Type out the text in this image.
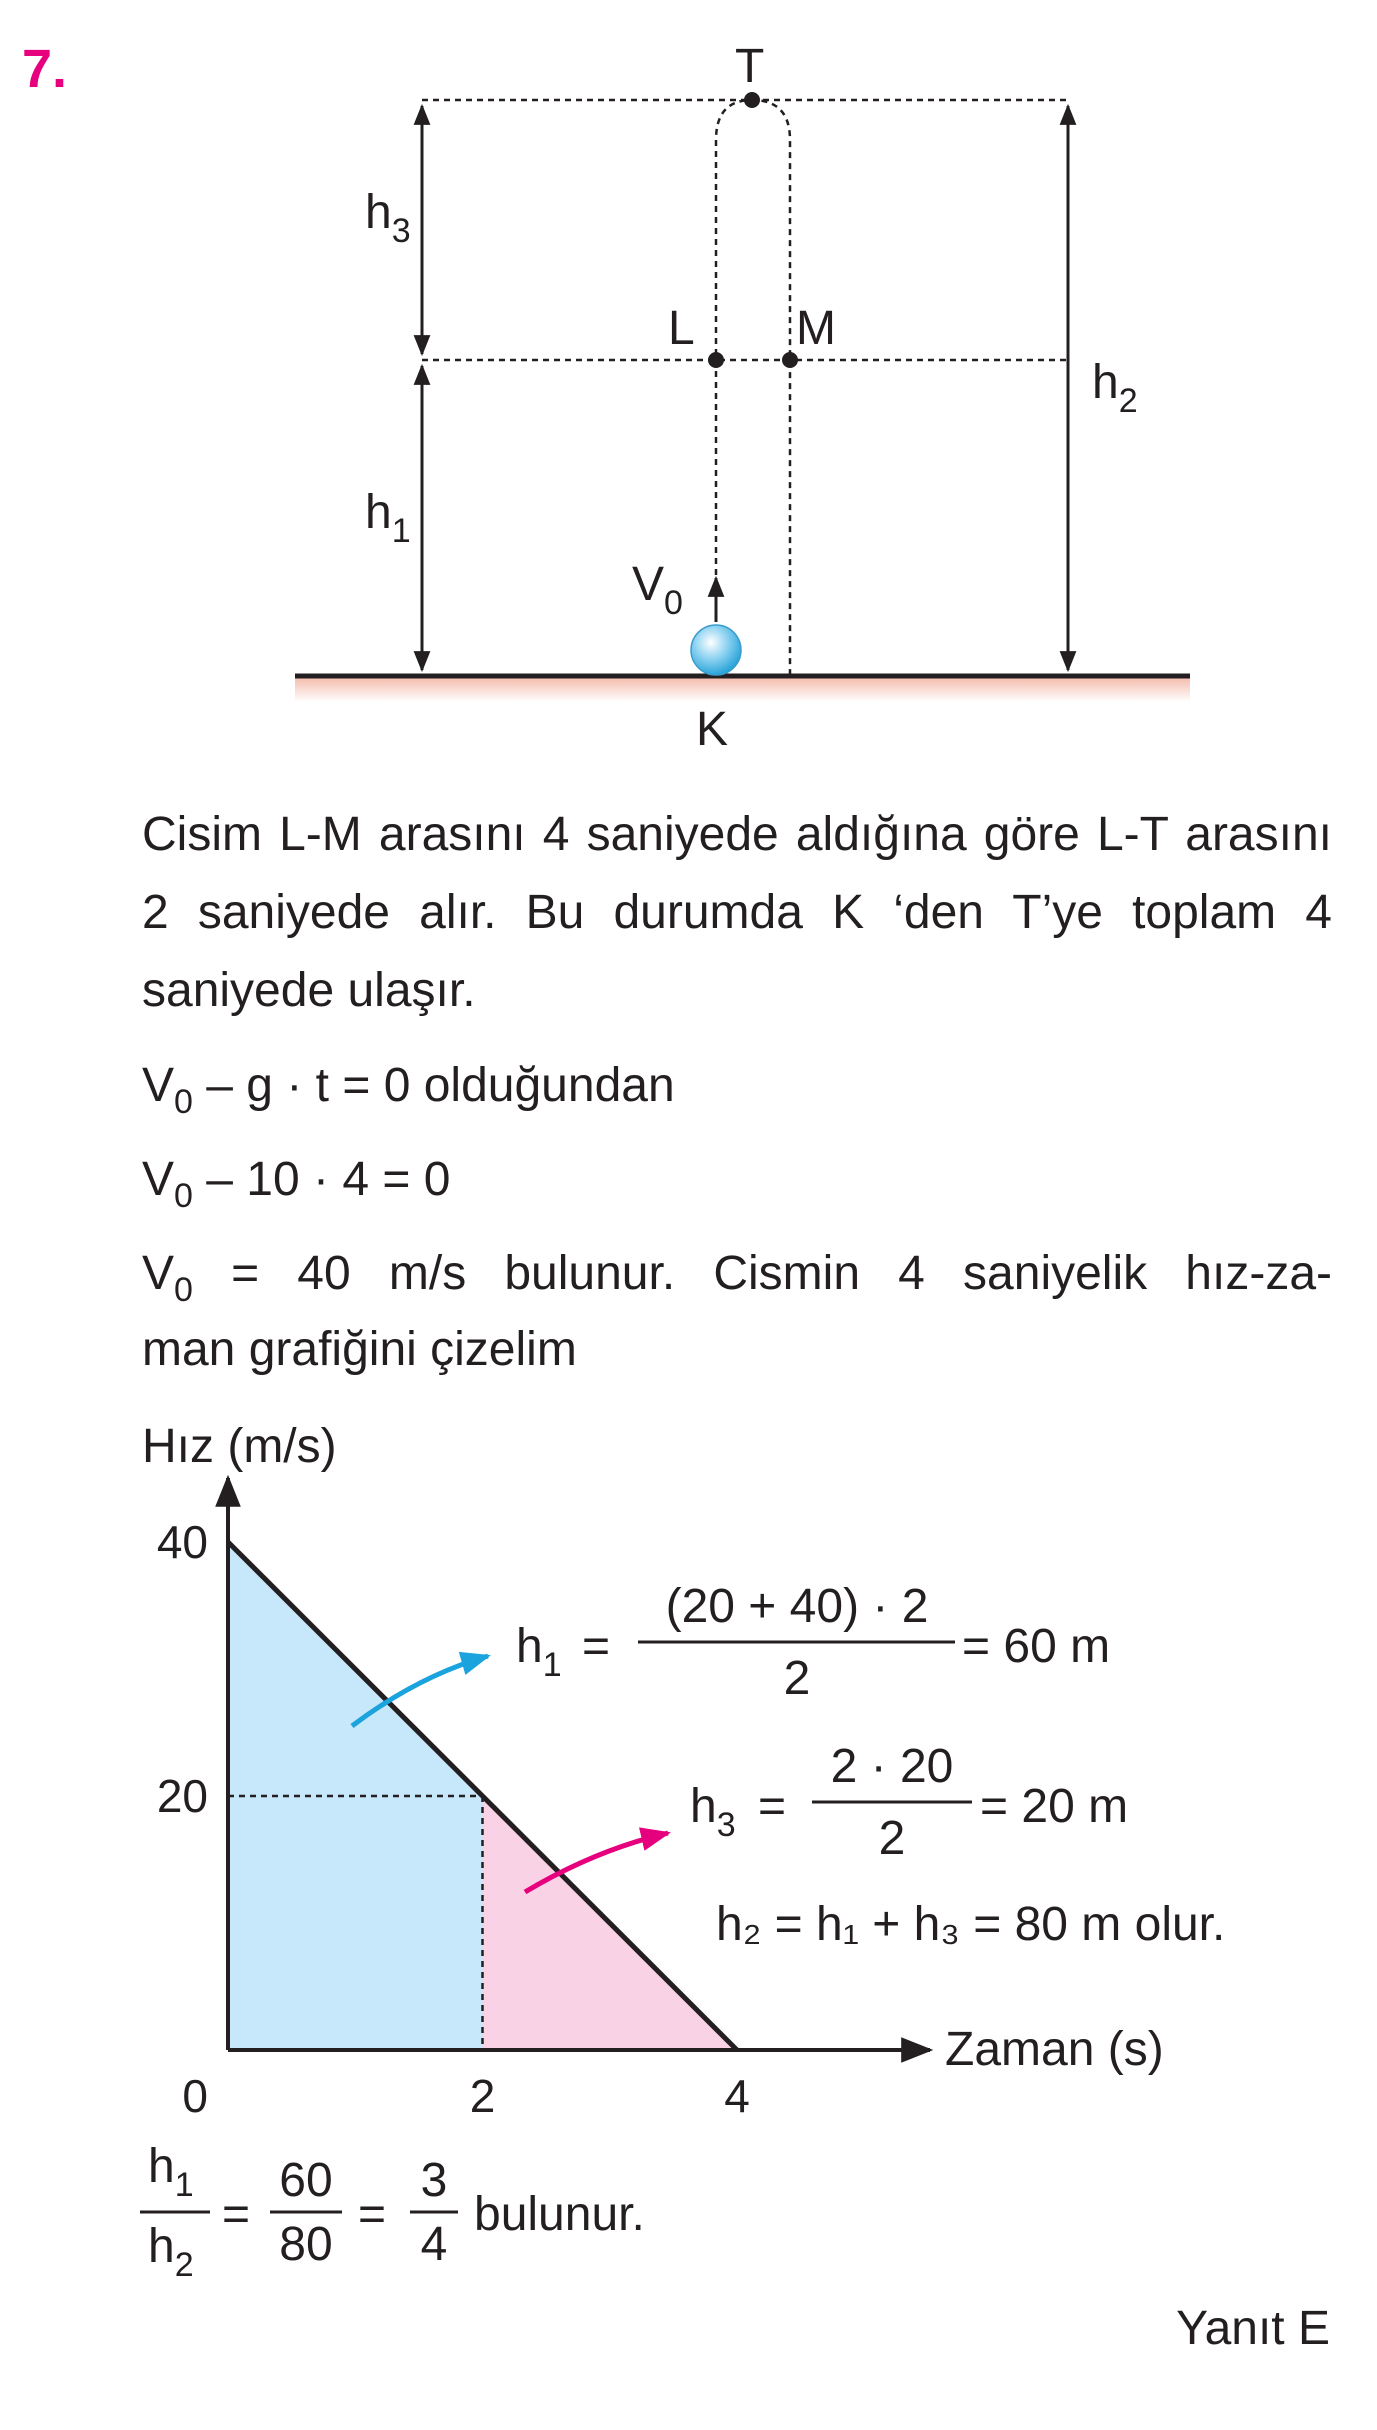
7.	T
L M
K
$h_3$
$h_1$
$h_2$
$V_0$
Cisim L-M arasını 4 saniyede aldığına göre L-T arasını 2 saniyede alır. Bu durumda K ‘den T’ye toplam 4 saniyede ulaşır.
$V_0 - g \cdot t = 0$ olduğundan
$V_0 - 10 \cdot 4 = 0$
$V_0 = 40$ m/s bulunur. Cismin 4 saniyelik hız-za-
man grafiğini çizelim
Hız (m/s)
Zaman (s)
40
20
0	2	4
$h_1$ =
(20 + 40) · 2
2
= 60 m
$h_3$ =
2 · 20
2
= 20 m
h₂ = h₁ + h₃ = 80 m olur.
$h_1$
$h_2$
=
60
80
=
3
4
bulunur.
Yanıt E
